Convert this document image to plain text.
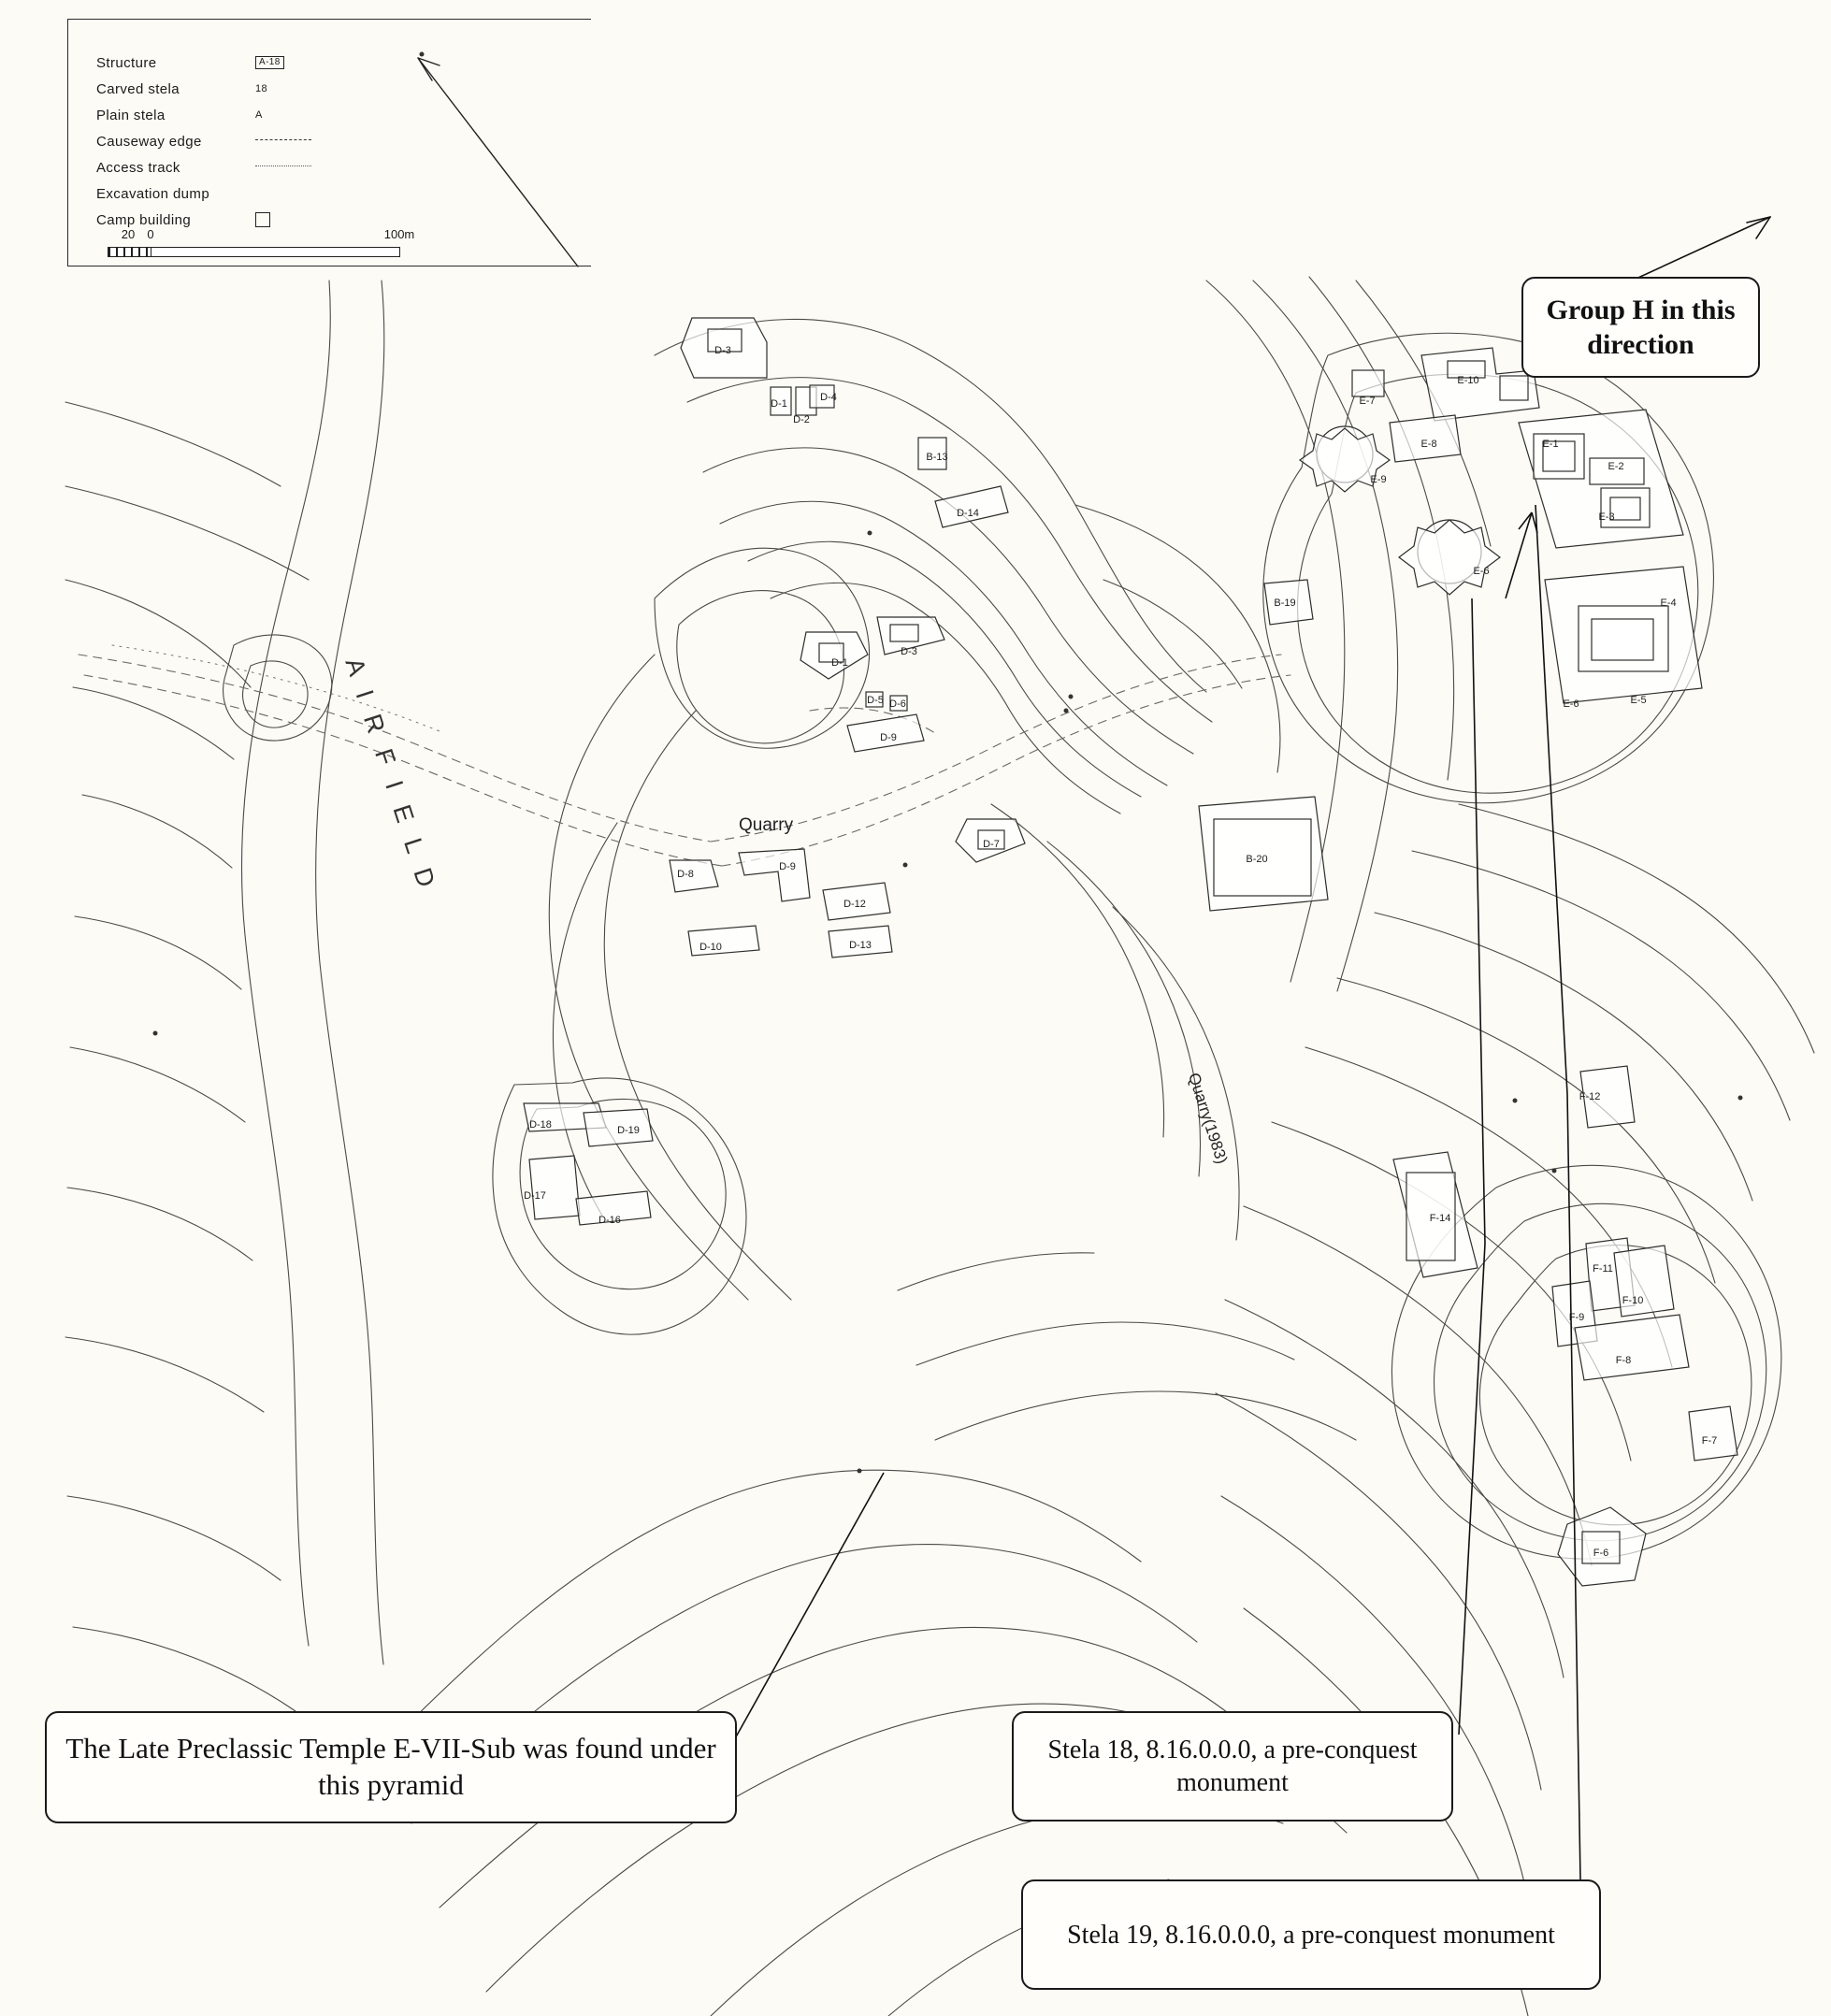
D-3
D-1
D-2
D-4
B-13
D-14
D-1
D-3
D-5 D-6
D-9
D-7
D-8
D-9
D-10
D-12
D-13
D-18	D-19
D-17
D-16
B-19
B-20
E-7
E-10
E-8
E-9
E-6
E-1
E-2
E-3
E-4
E-5
E-6
F-12
F-14
F-11
F-9
F-10
F-8
F-7
F-6
Structure	A-18
Carved stela	18
Plain stela	A
Causeway edge
Access track
Excavation dump
Camp building
20 0	100m
A I R F I E L D	Quarry
Quarry(1983)
Group H in this direction
The Late Preclassic Temple E-VII-Sub was found under this pyramid
Stela 18, 8.16.0.0.0, a pre-conquest monument
Stela 19, 8.16.0.0.0, a pre-conquest monument
